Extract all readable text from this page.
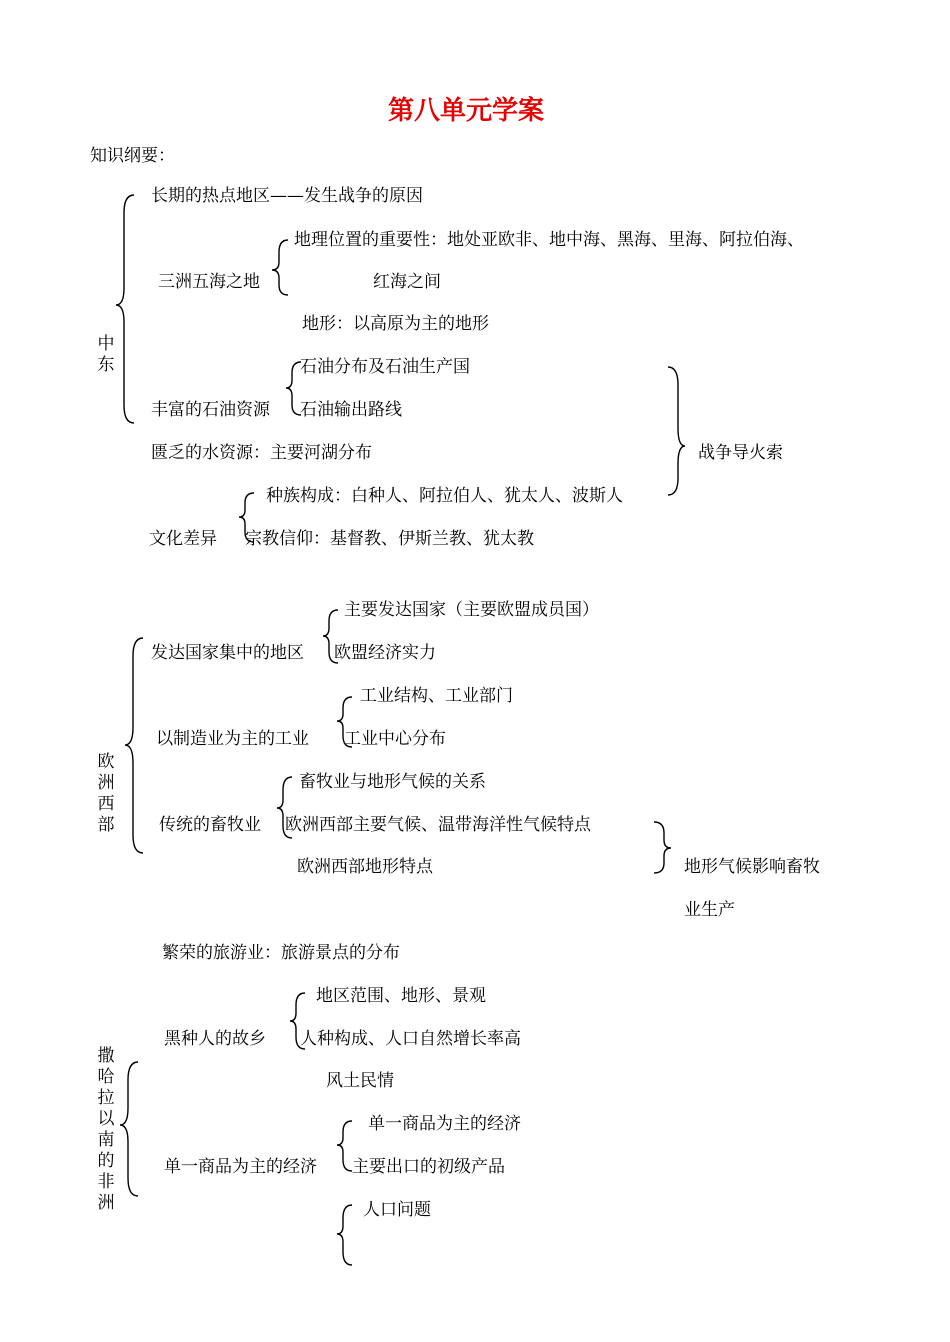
第八单元学案
知识纲要：
中东
长期的热点地区——发生战争的原因
地理位置的重要性：地处亚欧非、地中海、黑海、里海、阿拉伯海、
三洲五海之地	红海之间
地形：以高原为主的地形
石油分布及石油生产国
丰富的石油资源 石油输出路线
匮乏的水资源：主要河湖分布	战争导火索
种族构成：白种人、阿拉伯人、犹太人、波斯人
文化差异 宗教信仰：基督教、伊斯兰教、犹太教
欧洲西部
主要发达国家（主要欧盟成员国）
发达国家集中的地区 欧盟经济实力
工业结构、工业部门
以制造业为主的工业 工业中心分布
畜牧业与地形气候的关系
传统的畜牧业 欧洲西部主要气候、温带海洋性气候特点
欧洲西部地形特点	地形气候影响畜牧
业生产
繁荣的旅游业：旅游景点的分布
撒哈拉以南的非洲
地区范围、地形、景观
黑种人的故乡 人种构成、人口自然增长率高
风土民情
单一商品为主的经济
单一商品为主的经济 主要出口的初级产品
人口问题
